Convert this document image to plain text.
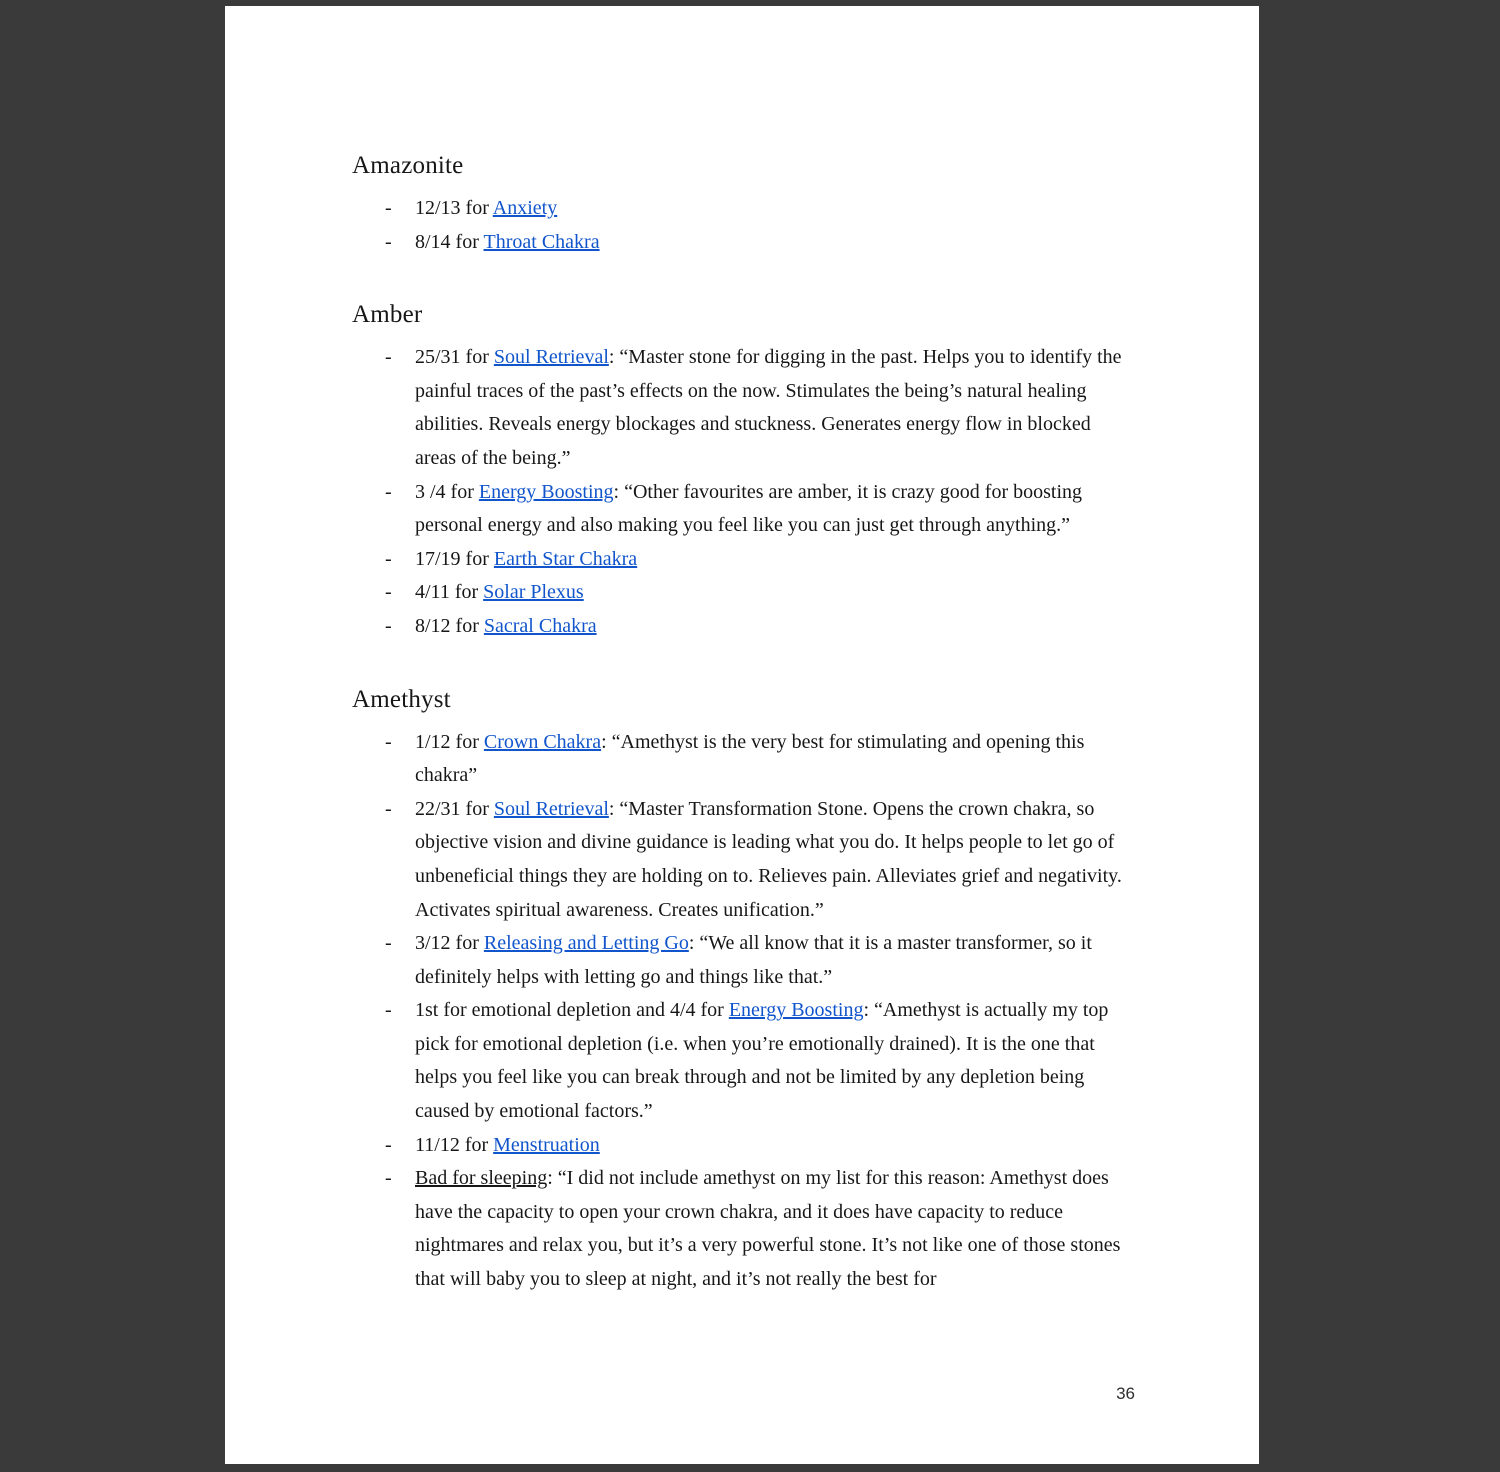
Amazonite
- 12/13 for Anxiety
- 8/14 for Throat Chakra
Amber
- 25/31 for Soul Retrieval: “Master stone for digging in the past. Helps you to identify the painful traces of the past’s effects on the now. Stimulates the being’s natural healing abilities. Reveals energy blockages and stuckness. Generates energy flow in blocked areas of the being.”
- 3 /4 for Energy Boosting: “Other favourites are amber, it is crazy good for boosting personal energy and also making you feel like you can just get through anything.”
- 17/19 for Earth Star Chakra
- 4/11 for Solar Plexus
- 8/12 for Sacral Chakra
Amethyst
- 1/12 for Crown Chakra: “Amethyst is the very best for stimulating and opening this chakra”
- 22/31 for Soul Retrieval: “Master Transformation Stone. Opens the crown chakra, so objective vision and divine guidance is leading what you do. It helps people to let go of unbeneficial things they are holding on to. Relieves pain. Alleviates grief and negativity. Activates spiritual awareness. Creates unification.”
- 3/12 for Releasing and Letting Go: “We all know that it is a master transformer, so it definitely helps with letting go and things like that.”
- 1st for emotional depletion and 4/4 for Energy Boosting: “Amethyst is actually my top pick for emotional depletion (i.e. when you’re emotionally drained). It is the one that helps you feel like you can break through and not be limited by any depletion being caused by emotional factors.”
- 11/12 for Menstruation
- Bad for sleeping: “I did not include amethyst on my list for this reason: Amethyst does have the capacity to open your crown chakra, and it does have capacity to reduce nightmares and relax you, but it’s a very powerful stone. It’s not like one of those stones that will baby you to sleep at night, and it’s not really the best for
36
